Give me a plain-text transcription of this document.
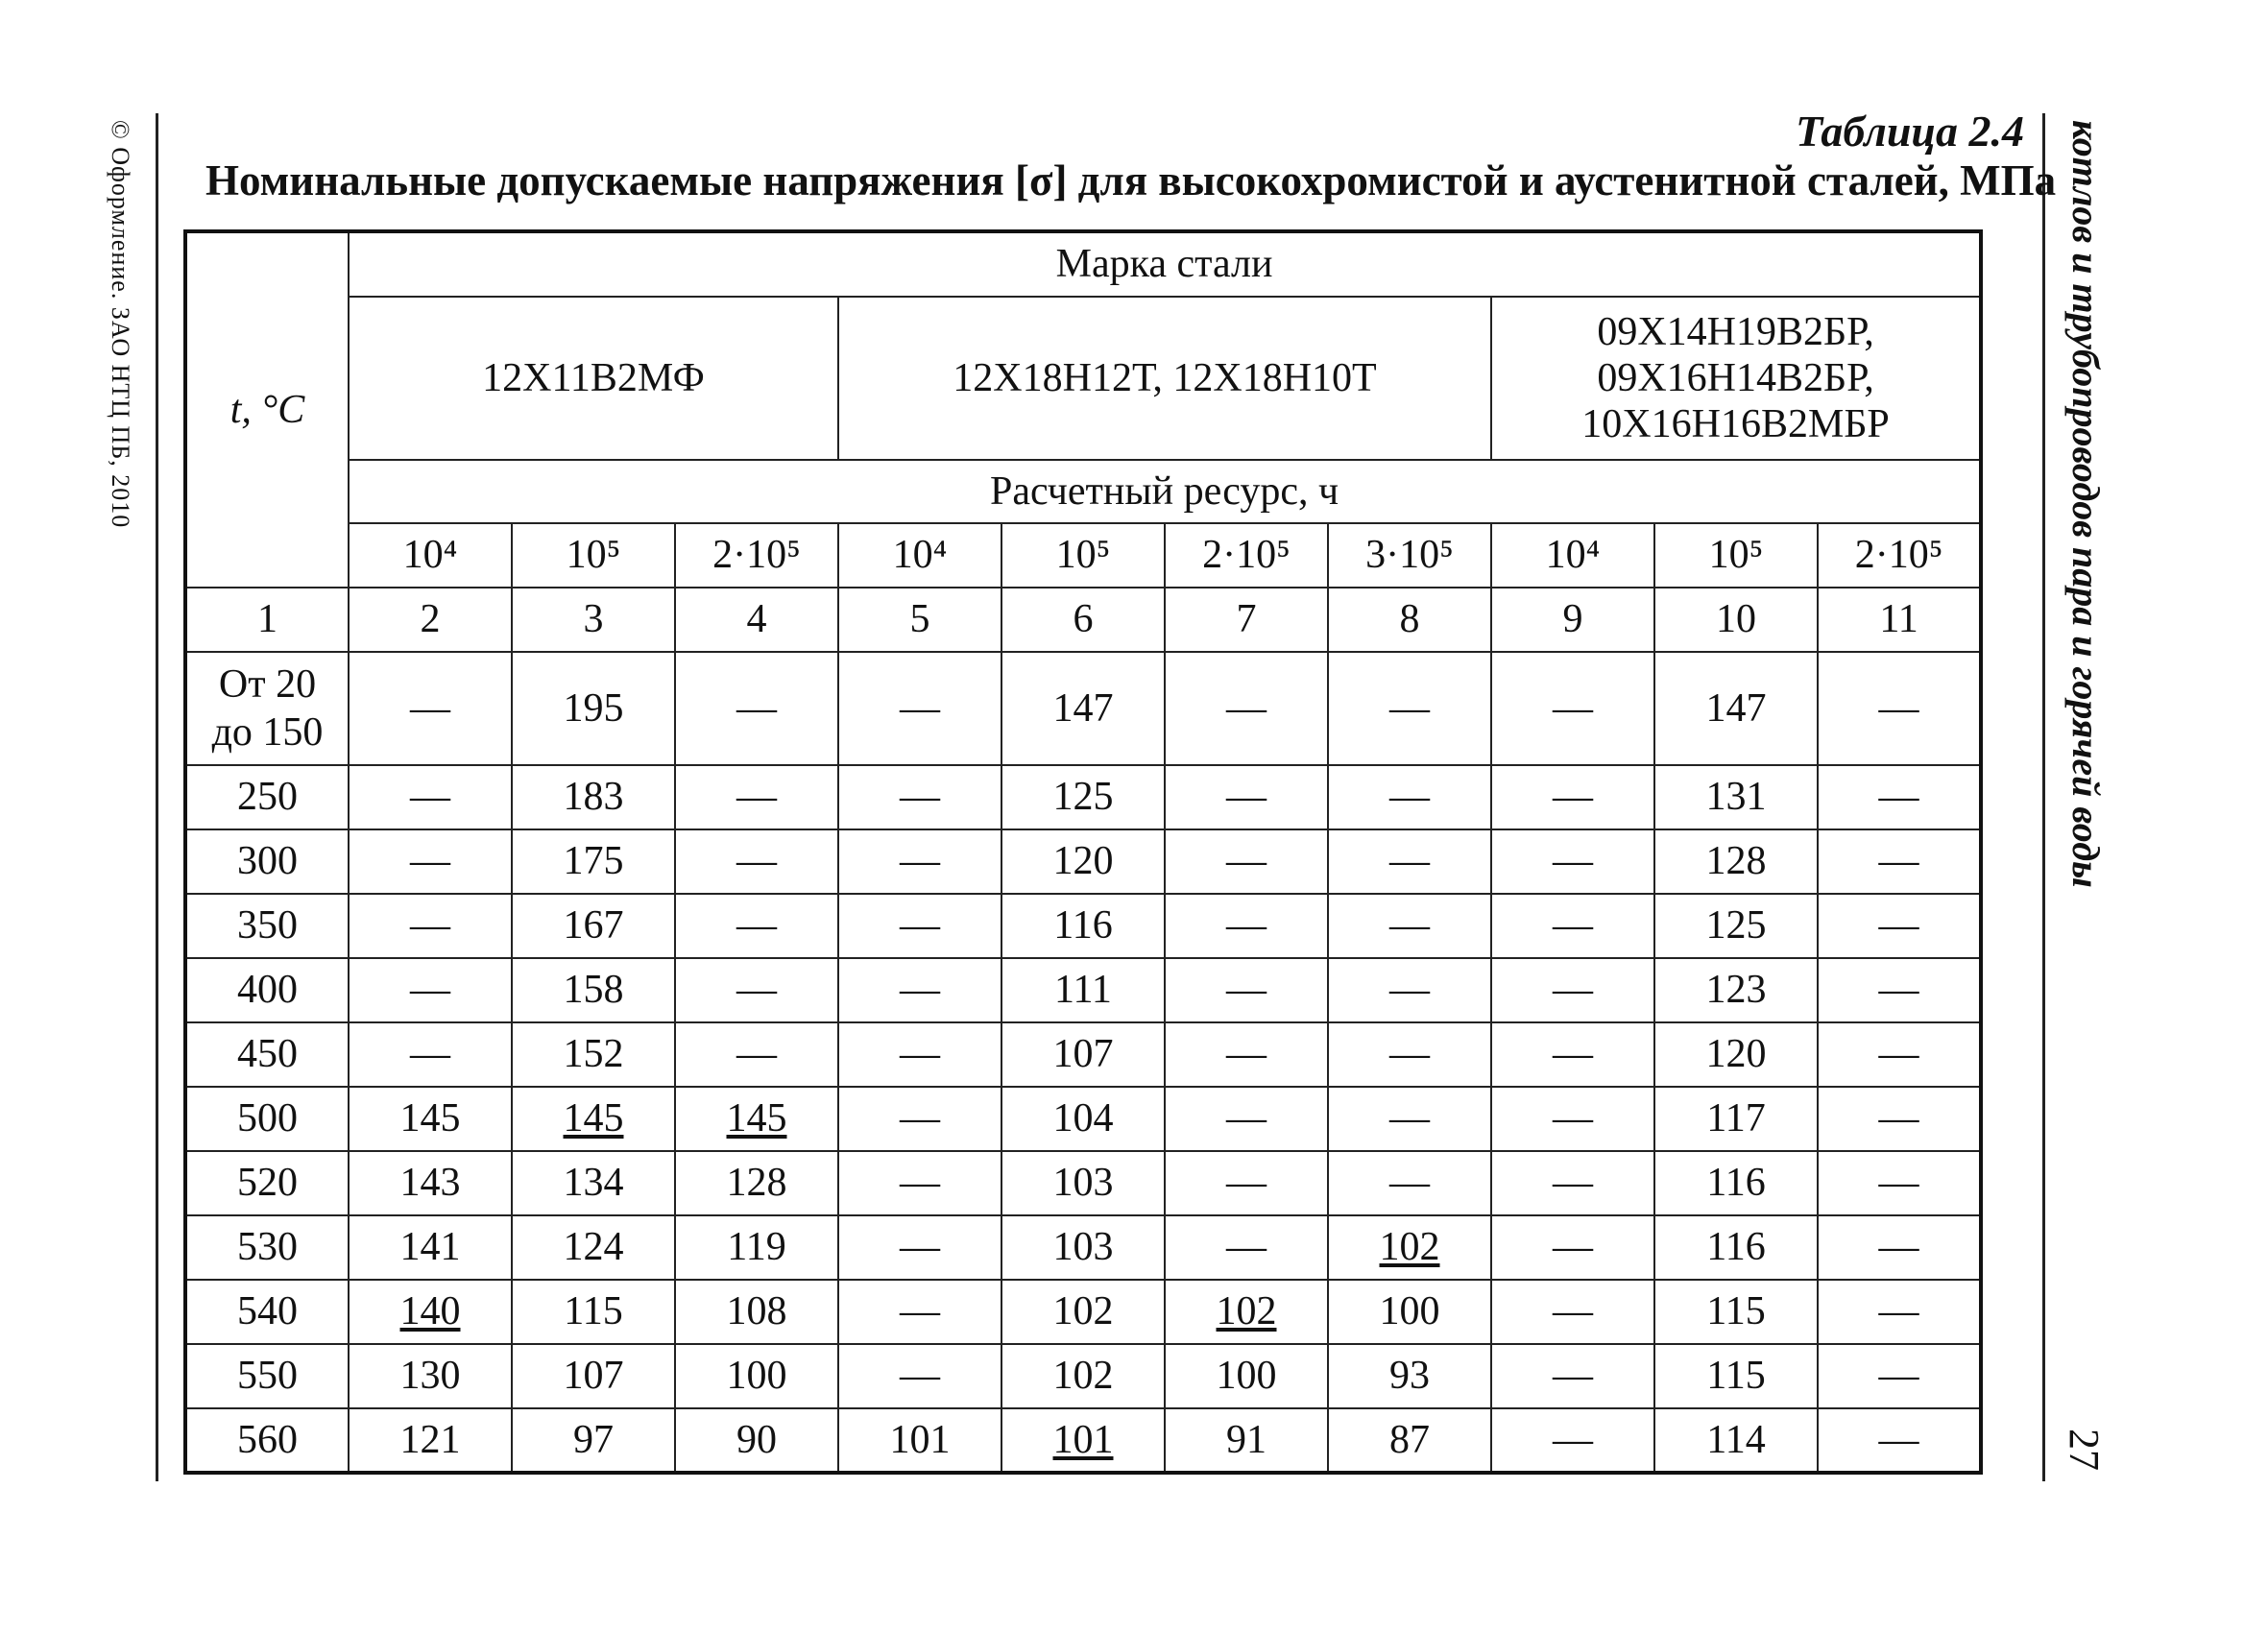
© Оформление. ЗАО НТЦ ПБ, 2010	котлов и трубопроводов пара и горячей воды
27
Таблица 2.4
Номинальные допускаемые напряжения [σ] для высокохромистой и аустенитной сталей, МПа
t, °C	Марка стали									
	12Х11В2МФ			12Х18Н12Т, 12Х18Н10Т				09Х14Н19В2БР,
09Х16Н14В2БР,
10Х16Н16В2МБР		

	Расчетный ресурс, ч									
	10⁴	10⁵	2·10⁵	10⁴	10⁵	2·10⁵	3·10⁵	10⁴	10⁵	2·10⁵
1	2	3	4	5	6	7	8	9	10	11
От 20 до 150	—	195	—	—	147	—	—	—	147	—
250	—	183	—	—	125	—	—	—	131	—
300	—	175	—	—	120	—	—	—	128	—
350	—	167	—	—	116	—	—	—	125	—
400	—	158	—	—	111	—	—	—	123	—
450	—	152	—	—	107	—	—	—	120	—
500	145	145	145	—	104	—	—	—	117	—
520	143	134	128	—	103	—	—	—	116	—
530	141	124	119	—	103	—	102	—	116	—
540	140	115	108	—	102	102	100	—	115	—
550	130	107	100	—	102	100	93	—	115	—
560	121	97	90	101	101	91	87	—	114	—
